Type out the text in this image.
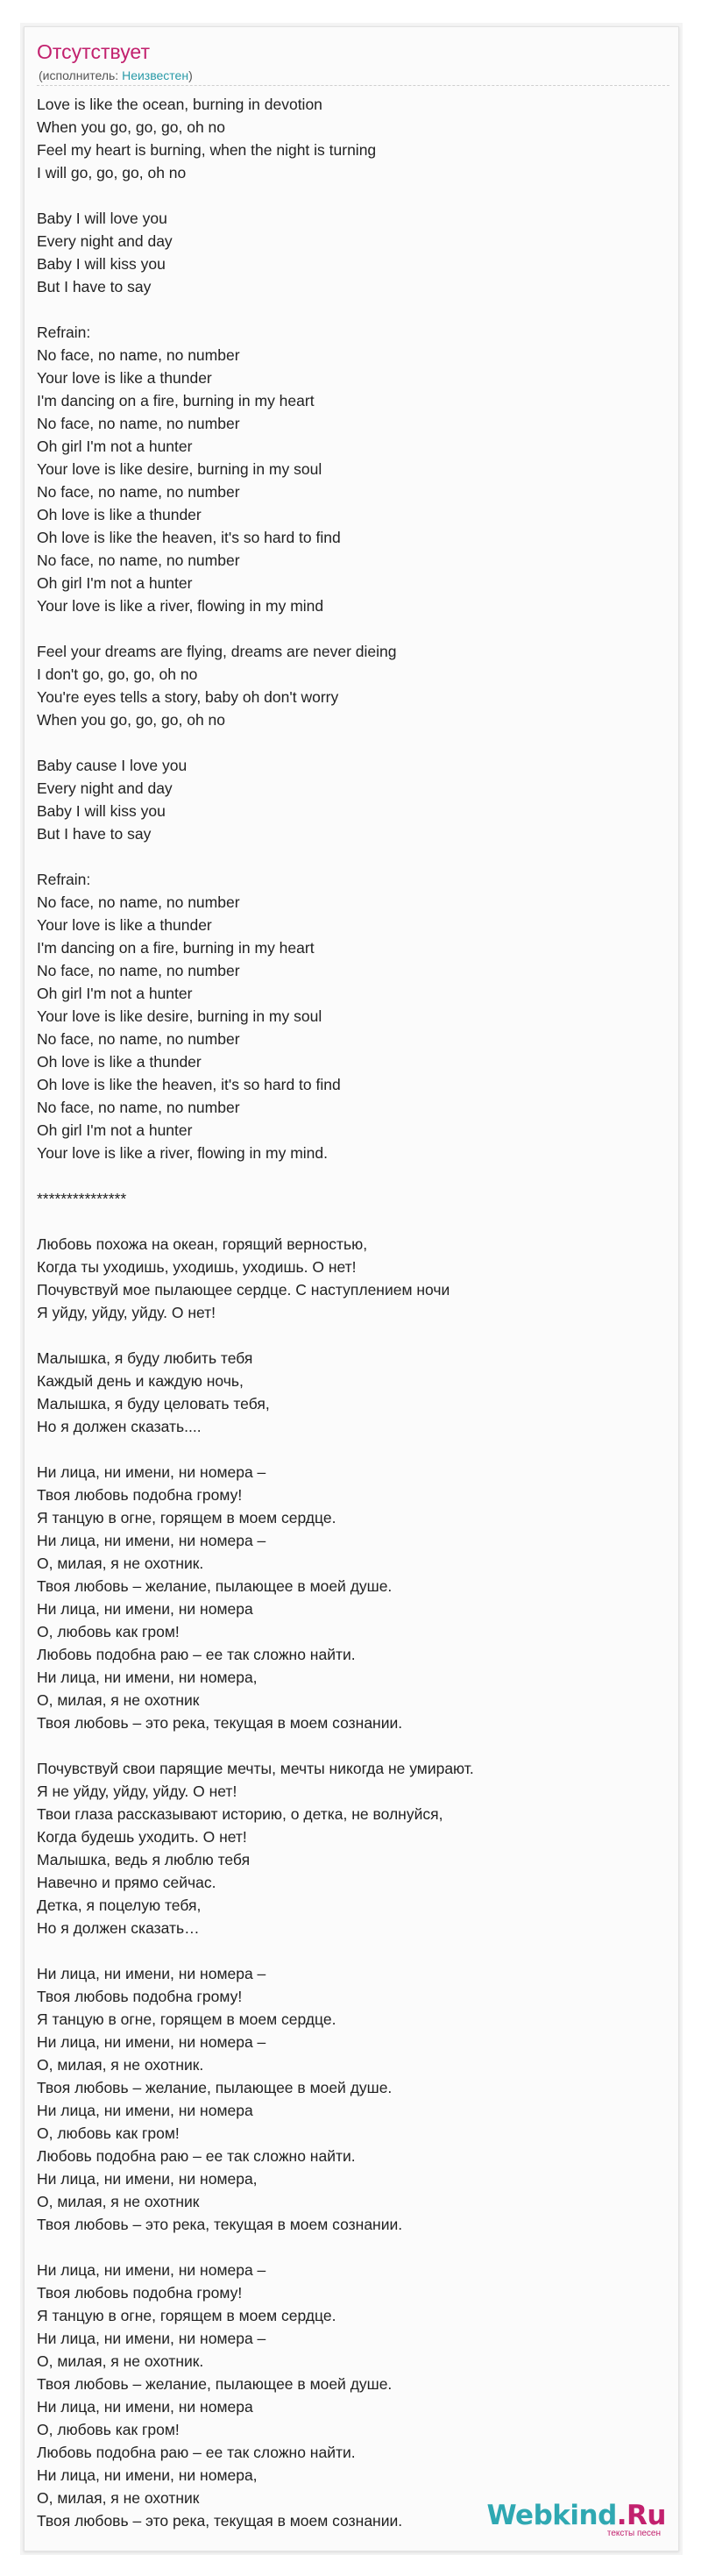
Отсутствует
(исполнитель: Неизвестен)
Love is like the ocean, burning in devotion
When you go, go, go, oh no
Feel my heart is burning, when the night is turning
I will go, go, go, oh no
Baby I will love you
Every night and day
Baby I will kiss you
But I have to say
Refrain:
No face, no name, no number
Your love is like a thunder
I'm dancing on a fire, burning in my heart
No face, no name, no number
Oh girl I'm not a hunter
Your love is like desire, burning in my soul
No face, no name, no number
Oh love is like a thunder
Oh love is like the heaven, it's so hard to find
No face, no name, no number
Oh girl I'm not a hunter
Your love is like a river, flowing in my mind
Feel your dreams are flying, dreams are never dieing
I don't go, go, go, oh no
You're eyes tells a story, baby oh don't worry
When you go, go, go, oh no
Baby cause I love you
Every night and day
Baby I will kiss you
But I have to say
Refrain:
No face, no name, no number
Your love is like a thunder
I'm dancing on a fire, burning in my heart
No face, no name, no number
Oh girl I'm not a hunter
Your love is like desire, burning in my soul
No face, no name, no number
Oh love is like a thunder
Oh love is like the heaven, it's so hard to find
No face, no name, no number
Oh girl I'm not a hunter
Your love is like a river, flowing in my mind.
***************
Любовь похожа на океан, горящий верностью,
Когда ты уходишь, уходишь, уходишь. О нет!
Почувствуй мое пылающее сердце. С наступлением ночи
Я уйду, уйду, уйду. О нет!
Малышка, я буду любить тебя
Каждый день и каждую ночь,
Малышка, я буду целовать тебя,
Но я должен сказать....
Ни лица, ни имени, ни номера –
Твоя любовь подобна грому!
Я танцую в огне, горящем в моем сердце.
Ни лица, ни имени, ни номера –
О, милая, я не охотник.
Твоя любовь – желание, пылающее в моей душе.
Ни лица, ни имени, ни номера
О, любовь как гром!
Любовь подобна раю – ее так сложно найти.
Ни лица, ни имени, ни номера,
О, милая, я не охотник
Твоя любовь – это река, текущая в моем сознании.
Почувствуй свои парящие мечты, мечты никогда не умирают.
Я не уйду, уйду, уйду. О нет!
Твои глаза рассказывают историю, о детка, не волнуйся,
Когда будешь уходить. О нет!
Малышка, ведь я люблю тебя
Навечно и прямо сейчас.
Детка, я поцелую тебя,
Но я должен сказать…
Ни лица, ни имени, ни номера –
Твоя любовь подобна грому!
Я танцую в огне, горящем в моем сердце.
Ни лица, ни имени, ни номера –
О, милая, я не охотник.
Твоя любовь – желание, пылающее в моей душе.
Ни лица, ни имени, ни номера
О, любовь как гром!
Любовь подобна раю – ее так сложно найти.
Ни лица, ни имени, ни номера,
О, милая, я не охотник
Твоя любовь – это река, текущая в моем сознании.
Ни лица, ни имени, ни номера –
Твоя любовь подобна грому!
Я танцую в огне, горящем в моем сердце.
Ни лица, ни имени, ни номера –
О, милая, я не охотник.
Твоя любовь – желание, пылающее в моей душе.
Ни лица, ни имени, ни номера
О, любовь как гром!
Любовь подобна раю – ее так сложно найти.
Ни лица, ни имени, ни номера,
О, милая, я не охотник
Твоя любовь – это река, текущая в моем сознании.	Webkind.Ru
тексты песен
